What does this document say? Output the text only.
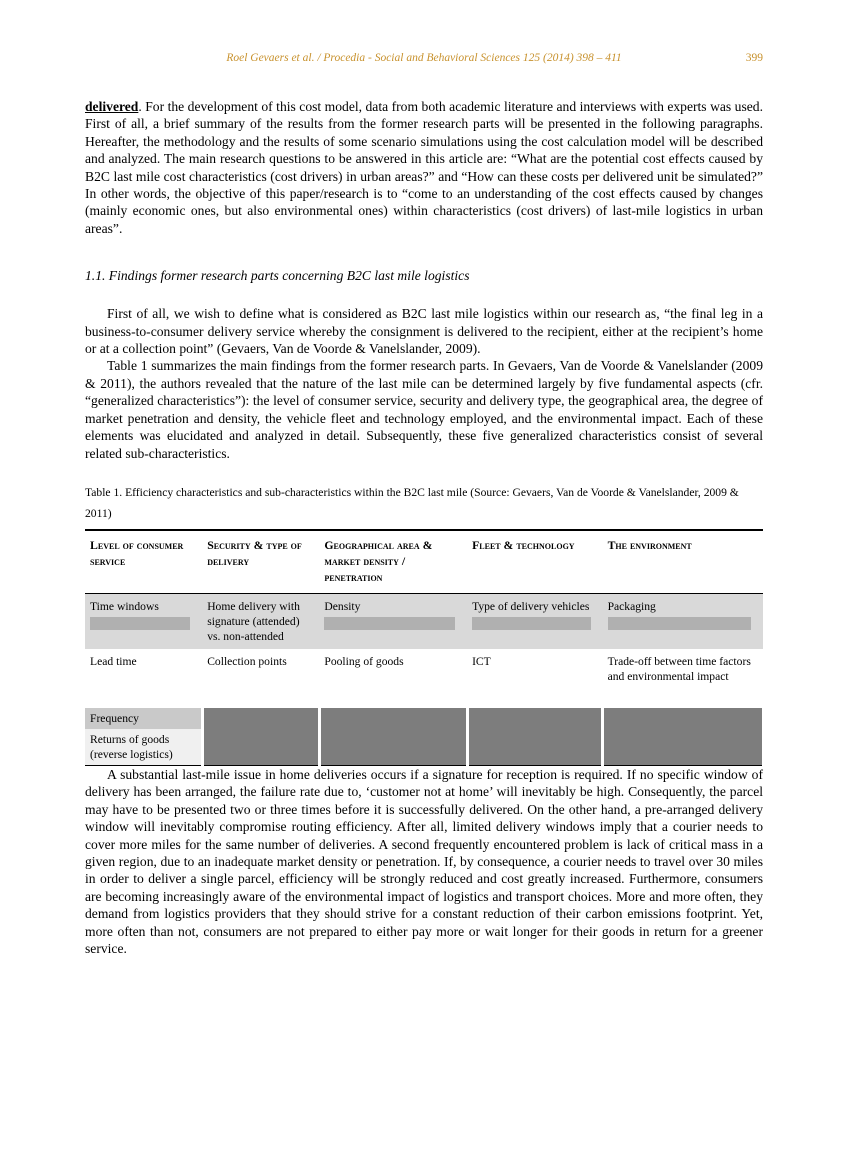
Roel Gevaers et al. / Procedia - Social and Behavioral Sciences 125 (2014) 398 – 411	399

delivered. For the development of this cost model, data from both academic literature and interviews with experts was used. First of all, a brief summary of the results from the former research parts will be presented in the following paragraphs. Hereafter, the methodology and the results of some scenario simulations using the cost calculation model will be described and analyzed. The main research questions to be answered in this article are: “What are the potential cost effects caused by B2C last mile cost characteristics (cost drivers) in urban areas?” and “How can these costs per delivered unit be simulated?” In other words, the objective of this paper/research is to “come to an understanding of the cost effects caused by changes (mainly economic ones, but also environmental ones) within characteristics (cost drivers) of last-mile logistics in urban areas”.

1.1. Findings former research parts concerning B2C last mile logistics

First of all, we wish to define what is considered as B2C last mile logistics within our research as, “the final leg in a business-to-consumer delivery service whereby the consignment is delivered to the recipient, either at the recipient’s home or at a collection point” (Gevaers, Van de Voorde & Vanelslander, 2009).

Table 1 summarizes the main findings from the former research parts. In Gevaers, Van de Voorde & Vanelslander (2009 & 2011), the authors revealed that the nature of the last mile can be determined largely by five fundamental aspects (cfr. “generalized characteristics”): the level of consumer service, security and delivery type, the geographical area, the degree of market penetration and density, the vehicle fleet and technology employed, and the environmental impact. Each of these elements was elucidated and analyzed in detail. Subsequently, these five generalized characteristics consist of several related sub-characteristics.

Table 1. Efficiency characteristics and sub-characteristics within the B2C last mile (Source: Gevaers, Van de Voorde & Vanelslander, 2009 & 2011)

Level of consumer service	Security & type of delivery	Geographical area & market density / penetration	Fleet & technology	The environment

Time windows	Home delivery with signature (attended) vs. non-attended	Density	Type of delivery vehicles	Packaging

Lead time	Collection points	Pooling of goods	ICT	Trade-off between time factors and environmental impact

Frequency				

Returns of goods (reverse logistics)				

A substantial last-mile issue in home deliveries occurs if a signature for reception is required. If no specific window of delivery has been arranged, the failure rate due to, ‘customer not at home’ will inevitably be high. Consequently, the parcel may have to be presented two or three times before it is successfully delivered. On the other hand, a pre-arranged delivery window will inevitably compromise routing efficiency. After all, limited delivery windows imply that a courier needs to cover more miles for the same number of deliveries. A second frequently encountered problem is lack of critical mass in a given region, due to an inadequate market density or penetration. If, by consequence, a courier needs to travel over 30 miles in order to deliver a single parcel, efficiency will be strongly reduced and cost greatly increased. Furthermore, consumers are becoming increasingly aware of the environmental impact of logistics and transport choices. More and more often, they demand from logistics providers that they should strive for a constant reduction of their carbon emissions footprint. Yet, more often than not, consumers are not prepared to either pay more or wait longer for their goods in return for a greener service.
